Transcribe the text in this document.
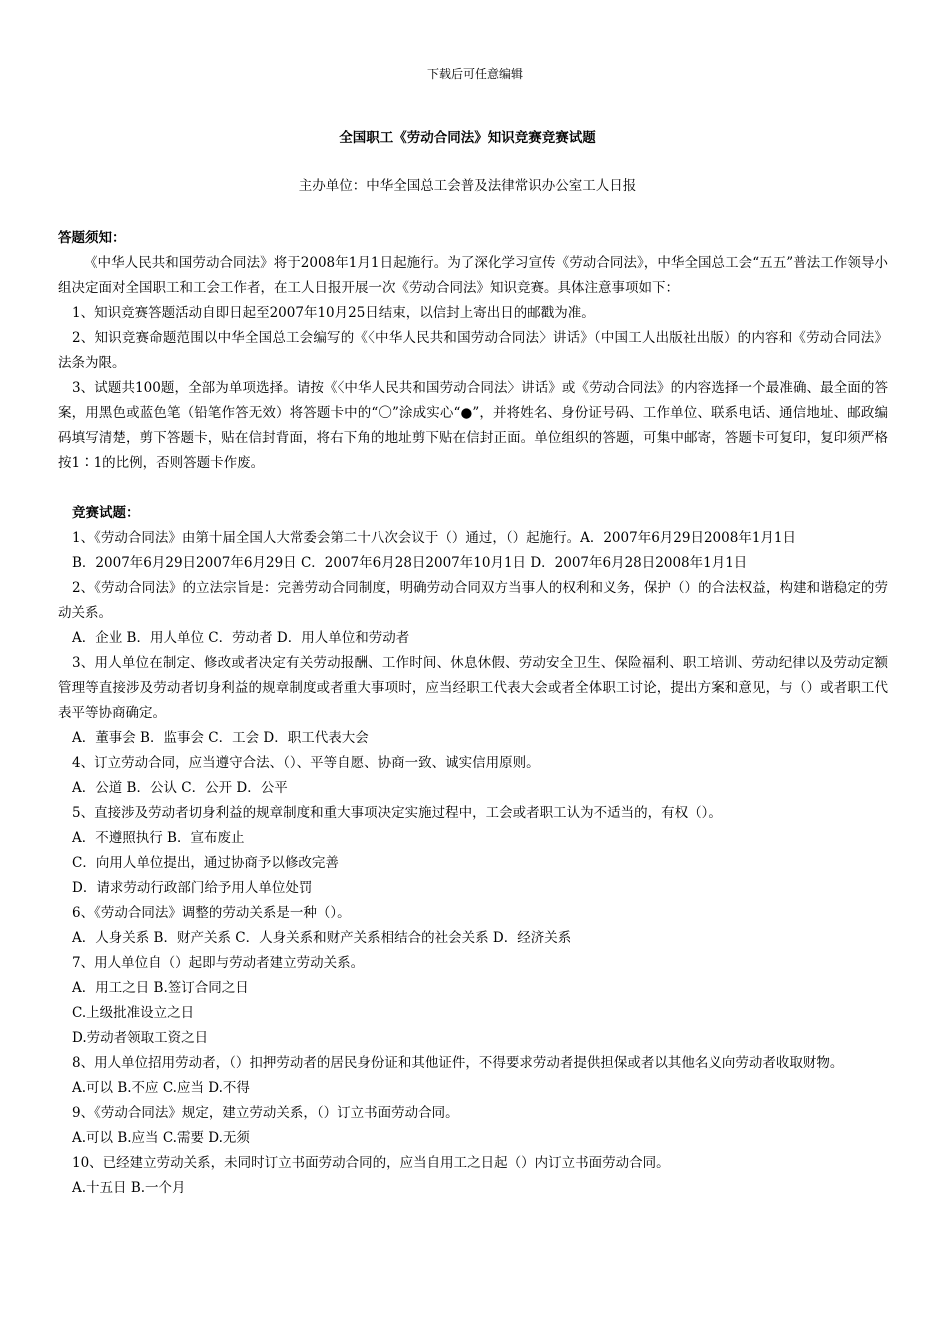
下载后可任意编辑
全国职工《劳动合同法》知识竞赛竞赛试题
主办单位：中华全国总工会普及法律常识办公室工人日报

答题须知：

《中华人民共和国劳动合同法》将于2008年1月1日起施行。为了深化学习宣传《劳动合同法》，中华全国总工会“五五”普法工作领导小组决定面对全国职工和工会工作者，在工人日报开展一次《劳动合同法》知识竞赛。具体注意事项如下：

1、知识竞赛答题活动自即日起至2007年10月25日结束，以信封上寄出日的邮戳为准。

2、知识竞赛命题范围以中华全国总工会编写的《〈中华人民共和国劳动合同法〉讲话》（中国工人出版社出版）的内容和《劳动合同法》法条为限。

3、试题共100题，全部为单项选择。请按《〈中华人民共和国劳动合同法〉讲话》或《劳动合同法》的内容选择一个最准确、最全面的答案，用黑色或蓝色笔（铅笔作答无效）将答题卡中的“〇”涂成实心“●”，并将姓名、身份证号码、工作单位、联系电话、通信地址、邮政编码填写清楚，剪下答题卡，贴在信封背面，将右下角的地址剪下贴在信封正面。单位组织的答题，可集中邮寄，答题卡可复印，复印须严格按1∶1的比例，否则答题卡作废。

竞赛试题：

1、《劳动合同法》由第十届全国人大常委会第二十八次会议于（）通过，（）起施行。A．2007年6月29日2008年1月1日

B．2007年6月29日2007年6月29日 C．2007年6月28日2007年10月1日 D．2007年6月28日2008年1月1日

2、《劳动合同法》的立法宗旨是：完善劳动合同制度，明确劳动合同双方当事人的权利和义务，保护（）的合法权益，构建和谐稳定的劳动关系。

A．企业 B．用人单位 C．劳动者 D．用人单位和劳动者

3、用人单位在制定、修改或者决定有关劳动报酬、工作时间、休息休假、劳动安全卫生、保险福利、职工培训、劳动纪律以及劳动定额管理等直接涉及劳动者切身利益的规章制度或者重大事项时，应当经职工代表大会或者全体职工讨论，提出方案和意见，与（）或者职工代表平等协商确定。

A．董事会 B．监事会 C．工会 D．职工代表大会

4、订立劳动合同，应当遵守合法、（）、平等自愿、协商一致、诚实信用原则。

A．公道 B．公认 C．公开 D．公平

5、直接涉及劳动者切身利益的规章制度和重大事项决定实施过程中，工会或者职工认为不适当的，有权（）。

A．不遵照执行 B．宣布废止

C．向用人单位提出，通过协商予以修改完善

D．请求劳动行政部门给予用人单位处罚

6、《劳动合同法》调整的劳动关系是一种（）。

A．人身关系 B．财产关系 C．人身关系和财产关系相结合的社会关系 D．经济关系

7、用人单位自（）起即与劳动者建立劳动关系。

A．用工之日 B.签订合同之日

C.上级批准设立之日

D.劳动者领取工资之日

8、用人单位招用劳动者，（）扣押劳动者的居民身份证和其他证件，不得要求劳动者提供担保或者以其他名义向劳动者收取财物。

A.可以 B.不应 C.应当 D.不得

9、《劳动合同法》规定，建立劳动关系，（）订立书面劳动合同。

A.可以 B.应当 C.需要 D.无须

10、已经建立劳动关系，未同时订立书面劳动合同的，应当自用工之日起（）内订立书面劳动合同。

A.十五日 B.一个月
